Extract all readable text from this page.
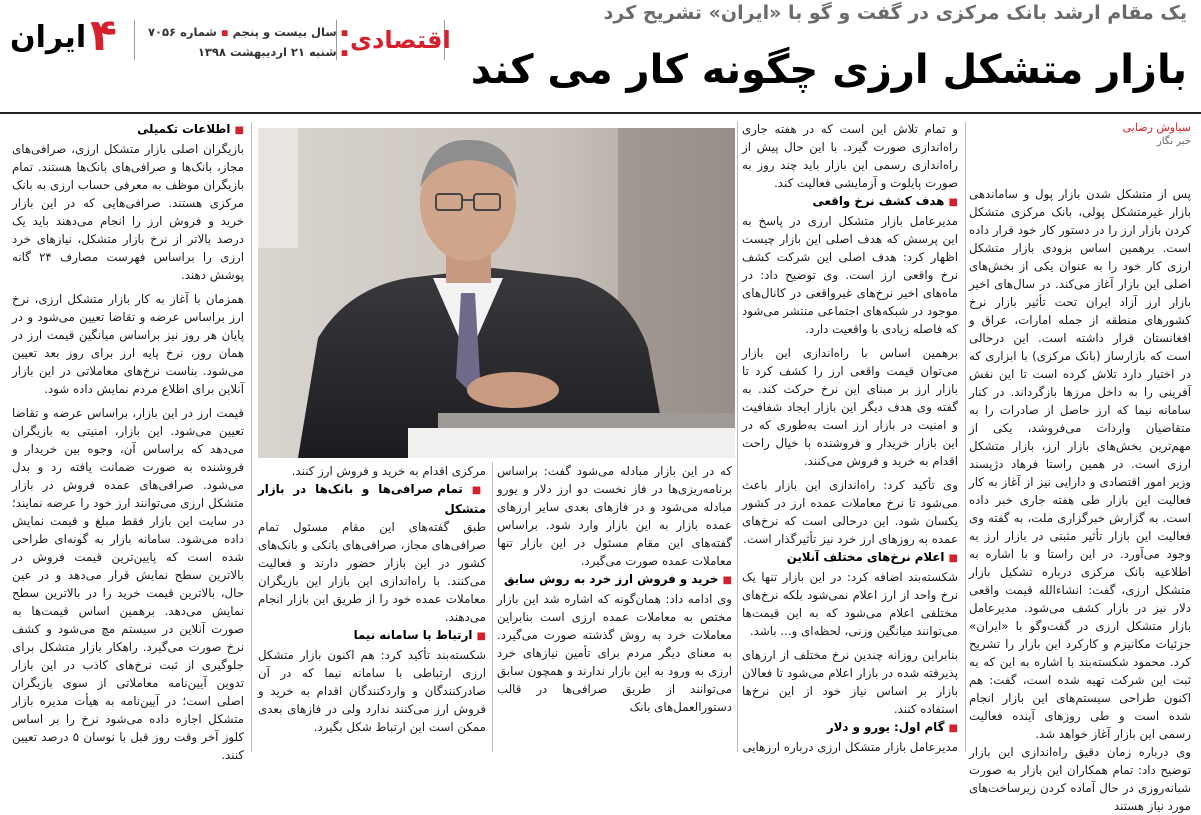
یک مقام ارشد بانک مرکزی در گفت و گو با «ایران» تشریح کرد
بازار متشکل ارزی چگونه کار می کند
اقتصادی
▪ سال بیست و پنجم ▪ شماره ۷۰۵۶
▪ شنبه ۲۱ اردیبهشت ۱۳۹۸
۴
ایران
سیاوش رضایی
خبر نگار

پس از متشکل شدن بازار پول و ساماندهی بازار غیرمتشکل پولی، بانک مرکزی متشکل کردن بازار ارز را در دستور کار خود قرار داده است. برهمین اساس بزودی بازار متشکل ارزی کار خود را به عنوان یکی از بخش‌های اصلی این بازار آغاز می‌کند. در سال‌های اخیر بازار ارز آزاد ایران تحت تأثیر بازار نرخ کشورهای منطقه از جمله امارات، عراق و افغانستان قرار داشته است. این درحالی است که بازار‌ساز (بانک مرکزی) با ابزاری که در اختیار دارد تلاش کرده است تا این نقش آفرینی را به داخل مرزها بازگرداند. در کنار سامانه نیما که ارز حاصل از صادرات را به متقاضیان واردات می‌فروشد، یکی از مهم‌ترین بخش‌های بازار ارز، بازار متشکل ارزی است. در همین راستا فرهاد دژپسند وزیر امور اقتصادی و دارایی نیز از آغاز به کار فعالیت این بازار طی هفته جاری خبر داده است. به گزارش خبرگزاری ملت، به گفته وی فعالیت این بازار تأثیر مثبتی در بازار ارز به وجود می‌آورد. در این راستا و با اشاره به اطلاعیه بانک مرکزی درباره تشکیل بازار متشکل ارزی، گفت: انشاءالله قیمت واقعی دلار نیز در بازار کشف می‌شود. مدیرعامل بازار متشکل ارزی در گفت‌وگو با «ایران» جزئیات مکانیزم و کارکرد این بازار را تشریح کرد. محمود شکسته‌بند با اشاره به این که به ثبت این شرکت تهیه شده است، گفت: هم اکنون طراحی سیستم‌های این بازار انجام شده است و طی روزهای آینده فعالیت رسمی این بازار آغاز خواهد شد.

وی درباره زمان دقیق راه‌اندازی این بازار توضیح داد: تمام همکاران این بازار به صورت شبانه‌روزی در حال آماده کردن زیرساخت‌های مورد نیاز هستند

و تمام تلاش این است که در هفته جاری راه‌اندازی صورت گیرد. با این حال پیش از راه‌اندازی رسمی این بازار باید چند روز به صورت پایلوت و آزمایشی فعالیت کند.

■ هدف کشف نرخ واقعی

مدیرعامل بازار متشکل ارزی در پاسخ به این پرسش که هدف اصلی این بازار چیست اظهار کرد: هدف اصلی این شرکت کشف نرخ واقعی ارز است. وی توضیح داد: در ماه‌های اخیر نرخ‌های غیرواقعی در کانال‌های موجود در شبکه‌های اجتماعی منتشر می‌شود که فاصله زیادی با واقعیت دارد.

برهمین اساس با راه‌اندازی این بازار می‌توان قیمت واقعی ارز را کشف کرد تا بازار ارز بر مبنای این نرخ حرکت کند. به گفته وی هدف دیگر این بازار ایجاد شفافیت و امنیت در بازار ارز است به‌طوری که در این بازار خریدار و فروشنده با خیال راحت اقدام به خرید و فروش می‌کنند.

وی تأکید کرد: راه‌اندازی این بازار باعث می‌شود تا نرخ معاملات عمده ارز در کشور یکسان شود. این درحالی است که نرخ‌های عمده به روز‌های ارز خرد نیز تأثیرگذار است.

■ اعلام نرخ‌های مختلف آنلاین

شکسته‌بند اضافه کرد: در این بازار تنها یک نرخ واحد از ارز اعلام نمی‌شود بلکه نرخ‌های مختلفی اعلام می‌شود که به این قیمت‌ها می‌توانند میانگین وزنی، لحظه‌ای و... باشد.

بنابراین روزانه چندین نرخ مختلف از ارزهای پذیرفته شده در بازار اعلام می‌شود تا فعالان بازار بر اساس نیاز خود از این نرخ‌ها استفاده کنند.

■ گام اول: یورو و دلار

مدیرعامل بازار متشکل ارزی درباره ارزهایی

که در این بازار مبادله می‌شود گفت: براساس برنامه‌ریزی‌ها در فاز نخست دو ارز دلار و یورو مبادله می‌شود و در فازهای بعدی سایر ارزهای عمده بازار به این بازار وارد شود. براساس گفته‌های این مقام مسئول در این بازار تنها معاملات عمده صورت می‌گیرد.

■ خرید و فروش ارز خرد به روش سابق

وی ادامه داد: همان‌گونه که اشاره شد این بازار مختص به معاملات عمده ارزی است بنابراین معاملات خرد به روش گذشته صورت می‌گیرد. به معنای دیگر مردم برای تأمین نیازهای خرد ارزی به ورود به این بازار ندارند و همچون سابق می‌توانند از طریق صرافی‌ها در قالب دستورالعمل‌های بانک

مرکزی اقدام به خرید و فروش ارز کنند.

■ تمام صرافی‌ها و بانک‌ها در بازار متشکل

طبق گفته‌های این مقام مسئول تمام صرافی‌های مجاز، صرافی‌های بانکی و بانک‌های کشور در این بازار حضور دارند و فعالیت می‌کنند. با راه‌اندازی این بازار این بازیگران معاملات عمده خود را از طریق این بازار انجام می‌دهند.

■ ارتباط با سامانه نیما

شکسته‌بند تأکید کرد: هم اکنون بازار متشکل ارزی ارتباطی با سامانه نیما که در آن صادرکنندگان و واردکنندگان اقدام به خرید و فروش ارز می‌کنند ندارد ولی در فازهای بعدی ممکن است این ارتباط شکل بگیرد.

■ اطلاعات تکمیلی

بازیگران اصلی بازار متشکل ارزی، صرافی‌های مجاز، بانک‌ها و صرافی‌های بانک‌ها هستند. تمام بازیگران موظف به معرفی حساب ارزی به بانک مرکزی هستند. صرافی‌هایی که در این بازار خرید و فروش ارز را انجام می‌دهند باید یک درصد بالاتر از نرخ بازار متشکل، نیازهای خرد ارزی را براساس فهرست مصارف ۲۴ گانه پوشش دهند.

همزمان با آغاز به کار بازار متشکل ارزی، نرخ ارز براساس عرضه و تقاضا تعیین می‌شود و در پایان هر روز نیز براساس میانگین قیمت ارز در همان روز، نرخ پایه ارز برای روز بعد تعیین می‌شود. بناست نرخ‌های معاملاتی در این بازار آنلاین برای اطلاع مردم نمایش داده شود.

قیمت ارز در این بازار، براساس عرضه و تقاضا تعیین می‌شود. این بازار، امنیتی به بازیگران می‌دهد که براساس آن، وجوه بین خریدار و فروشنده به صورت ضمانت یافته رد و بدل می‌شود. صرافی‌های عمده فروش در بازار متشکل ارزی می‌توانند ارز خود را عرضه نمایند؛ در سایت این بازار فقط مبلغ و قیمت نمایش داده می‌شود. سامانه بازار به گونه‌ای طراحی شده است که پایین‌ترین قیمت فروش در بالاترین سطح نمایش قرار می‌دهد و در عین حال، بالاترین قیمت خرید را در بالاترین سطح نمایش می‌دهد. برهمین اساس قیمت‌ها به صورت آنلاین در سیستم مچ می‌شود و کشف نرخ صورت می‌گیرد. راهکار بازار متشکل برای جلوگیری از ثبت نرخ‌های کاذب در این بازار تدوین آیین‌نامه معاملاتی از سوی بازیگران اصلی است؛ در آیین‌نامه به هیأت مدیره بازار متشکل اجازه داده می‌شود نرخ را بر اساس کلوز آخر وقت روز قبل با نوسان ۵ درصد تعیین کنند.
